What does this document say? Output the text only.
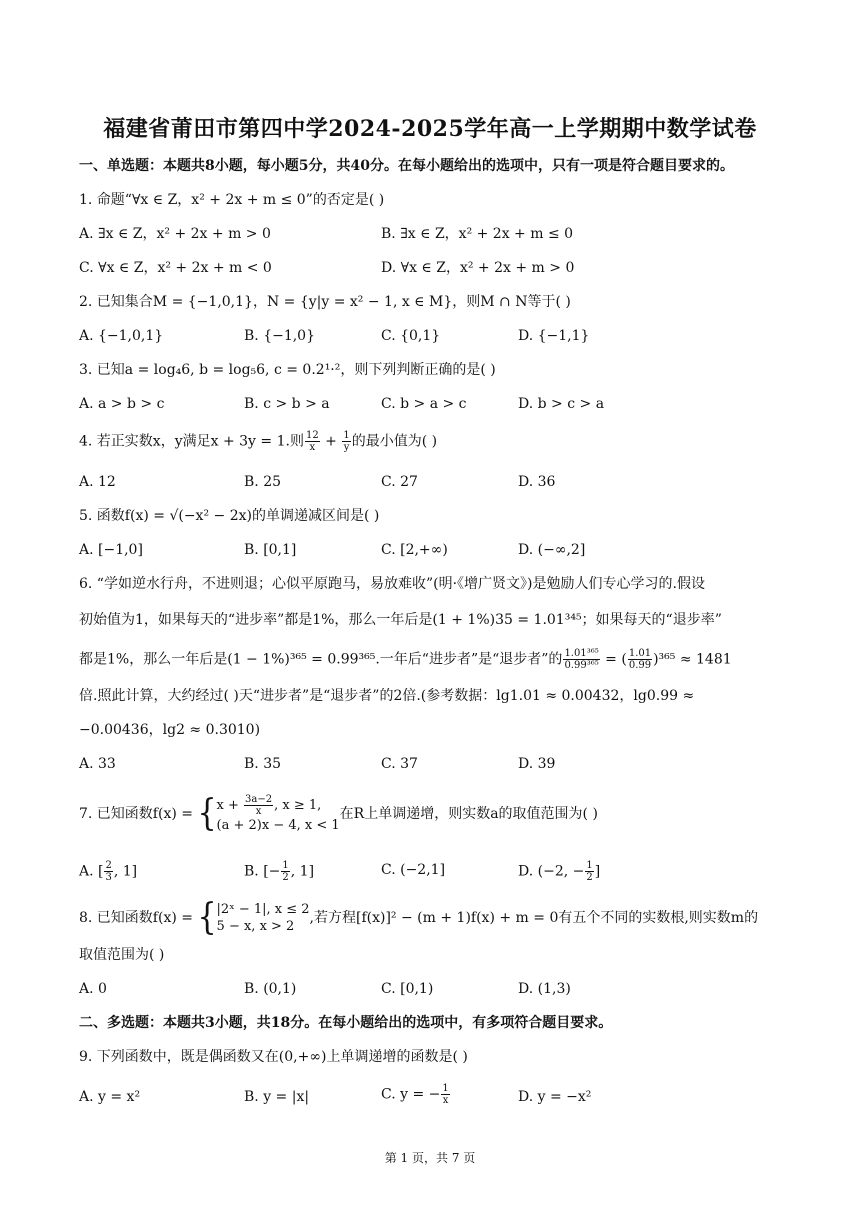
福建省莆田市第四中学2024-2025学年高一上学期期中数学试卷
一、单选题：本题共8小题，每小题5分，共40分。在每小题给出的选项中，只有一项是符合题目要求的。
1. 命题“∀x ∈ Z，x² + 2x + m ≤ 0”的否定是( )
A. ∃x ∈ Z，x² + 2x + m > 0	B. ∃x ∈ Z，x² + 2x + m ≤ 0
C. ∀x ∈ Z，x² + 2x + m < 0	D. ∀x ∈ Z，x² + 2x + m > 0
2. 已知集合M = {−1,0,1}，N = {y|y = x² − 1, x ∈ M}，则M ∩ N等于( )
A. {−1,0,1}	B. {−1,0}	C. {0,1}	D. {−1,1}
3. 已知a = log₄6, b = log₅6, c = 0.2¹·²，则下列判断正确的是( )
A. a > b > c	B. c > b > a	C. b > a > c	D. b > c > a
4. 若正实数x，y满足x + 3y = 1.则 $\frac{12}{x} + \frac{1}{y}$ 的最小值为( )
A. 12	B. 25	C. 27	D. 36
5. 函数f(x) = √(−x² − 2x)的单调递减区间是( )
A. [−1,0]	B. [0,1]	C. [2,+∞)	D. (−∞,2]
6. “学如逆水行舟，不进则退；心似平原跑马，易放难收”(明·《增广贤文》)是勉励人们专心学习的.假设
初始值为1，如果每天的“进步率”都是1%，那么一年后是(1 + 1%)35 = 1.01³⁴⁵；如果每天的“退步率”
都是1%，那么一年后是(1 − 1%)³⁶⁵ = 0.99³⁶⁵.一年后“进步者”是“退步者”的 $\frac{\text{1.01³⁶⁵}}{\text{0.99³⁶⁵}}$ = ( $\frac{1.01}{0.99} )^{365} \approx 1481$
倍.照此计算，大约经过( )天“进步者”是“退步者”的2倍.(参考数据：lg1.01 ≈ 0.00432，lg0.99 ≈
−0.00436，lg2 ≈ 0.3010)
A. 33	B. 35	C. 37	D. 39
7. 已知函数f(x) = { $x + \frac{3a-2}{x}$ , x ≥ 1,
(a + 2)x − 4, x < 1
在R上单调递增，则实数a的取值范围为( )
A. [ $\frac{2}{3}$ , 1]	B. [− $\frac{1}{2}$ , 1]	C. (−2,1]	D. (−2, − $\frac{1}{2}$ ]
8. 已知函数f(x) = { |2ˣ − 1|, x ≤ 2
5 − x, x > 2
,若方程[f(x)]² − (m + 1)f(x) + m = 0有五个不同的实数根,则实数m的
取值范围为( )
A. 0	B. (0,1)	C. [0,1)	D. (1,3)
二、多选题：本题共3小题，共18分。在每小题给出的选项中，有多项符合题目要求。
9. 下列函数中，既是偶函数又在(0,+∞)上单调递增的函数是( )
A. y = x²	B. y = |x|	C. y = − $\frac{1}{x}$	D. y = −x²
第 1 页，共 7 页
